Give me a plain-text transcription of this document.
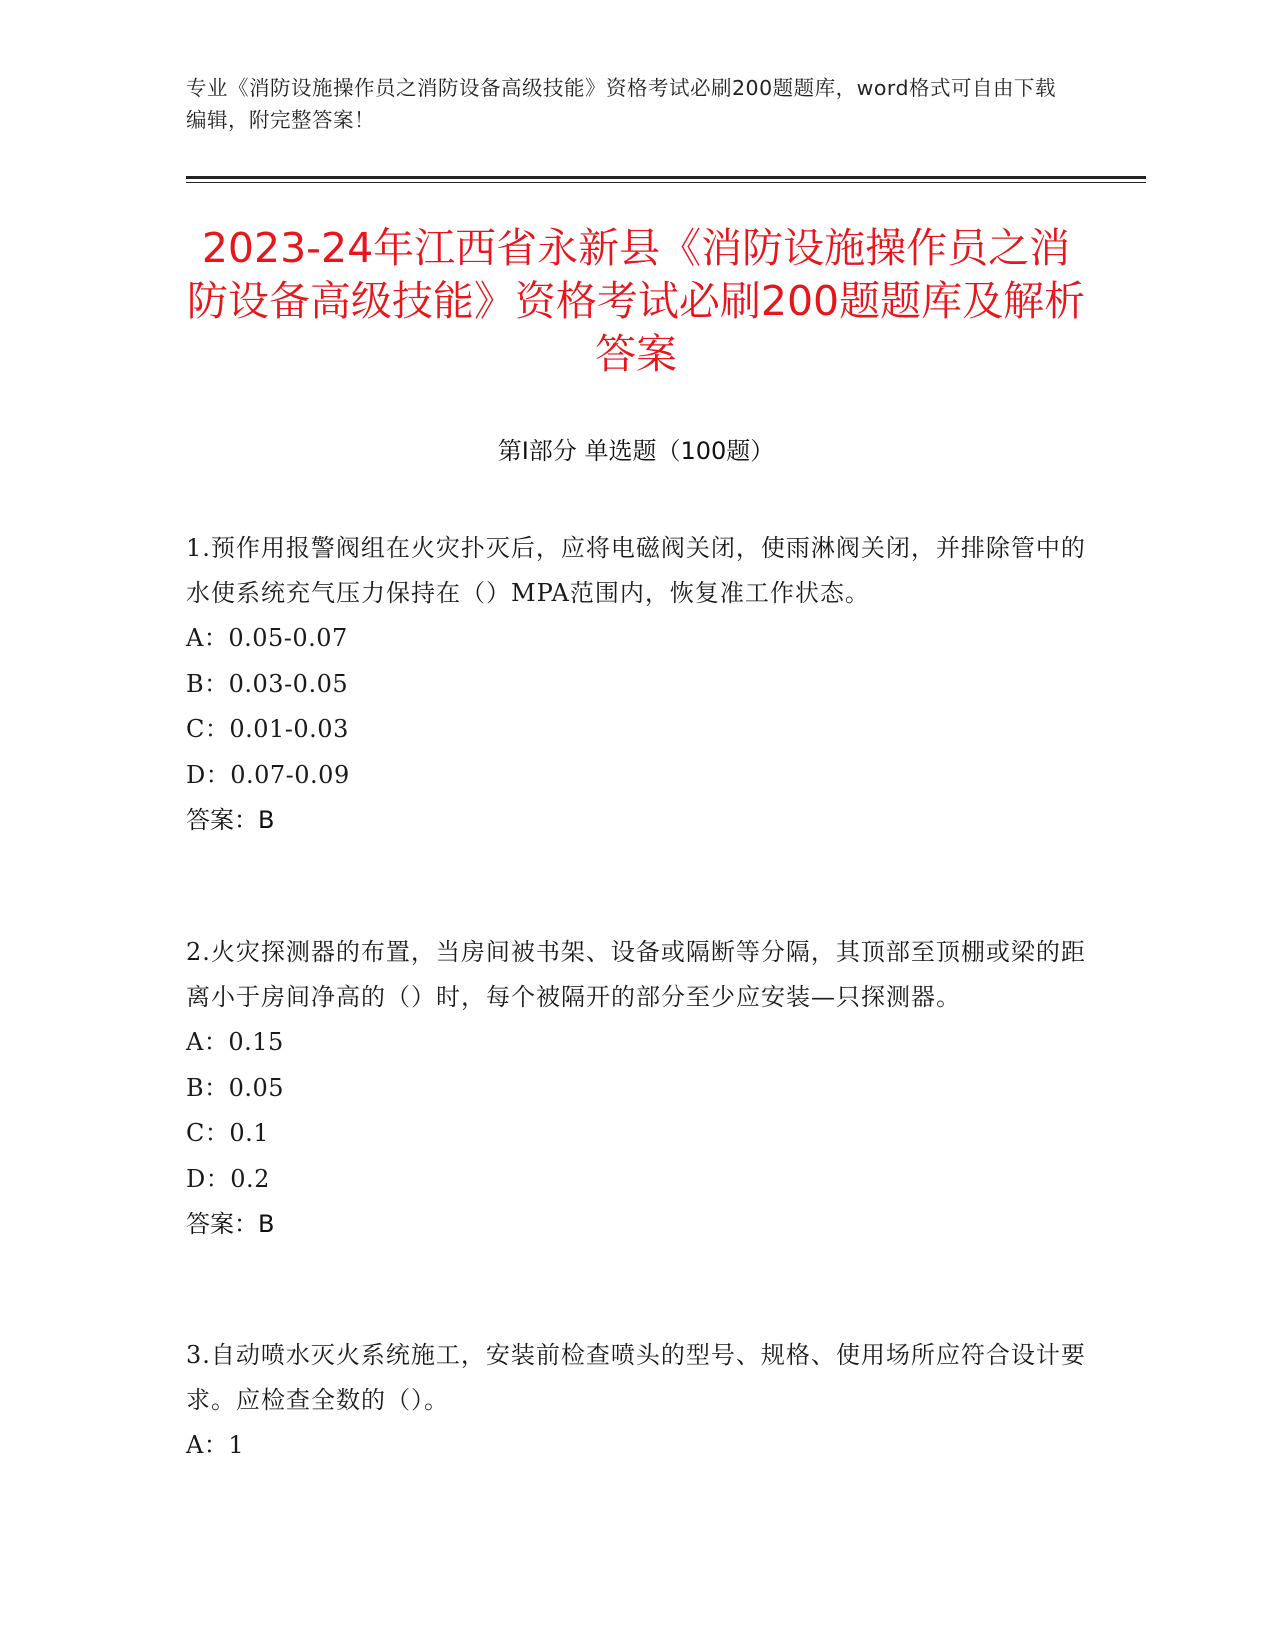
专业《消防设施操作员之消防设备高级技能》资格考试必刷200题题库，word格式可自由下载编辑，附完整答案！
2023-24年江西省永新县《消防设施操作员之消防设备高级技能》资格考试必刷200题题库及解析答案
第Ⅰ部分 单选题（100题）
1.预作用报警阀组在火灾扑灭后，应将电磁阀关闭，使雨淋阀关闭，并排除管中的水使系统充气压力保持在（）MPA范围内，恢复准工作状态。
A：0.05-0.07
B：0.03-0.05
C：0.01-0.03
D：0.07-0.09
答案：B
2.火灾探测器的布置，当房间被书架、设备或隔断等分隔，其顶部至顶棚或梁的距离小于房间净高的（）时，每个被隔开的部分至少应安装—只探测器。
A：0.15
B：0.05
C：0.1
D：0.2
答案：B
3.自动喷水灭火系统施工，安装前检查喷头的型号、规格、使用场所应符合设计要求。应检查全数的（）。
A：1
